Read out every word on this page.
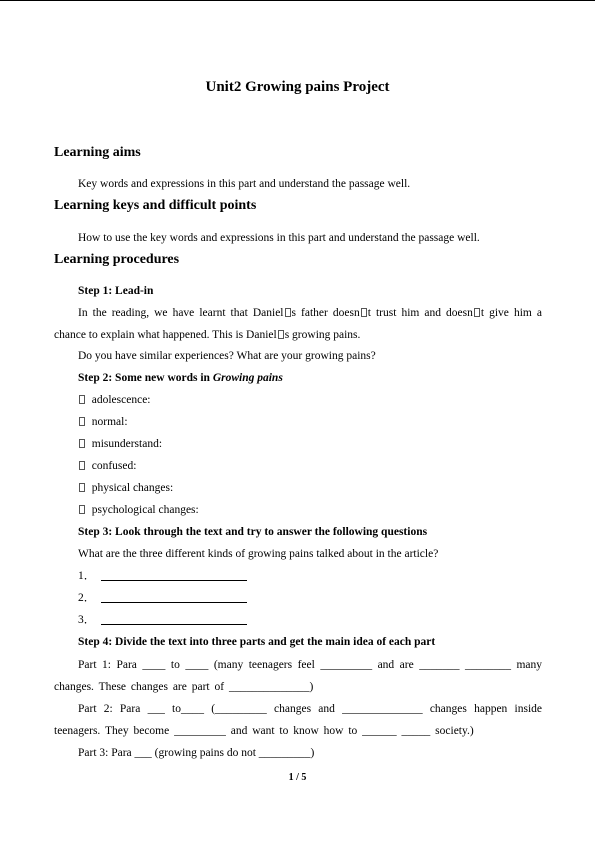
Unit2 Growing pains Project
Learning aims
Key words and expressions in this part and understand the passage well.
Learning keys and difficult points
How to use the key words and expressions in this part and understand the passage well.
Learning procedures
Step 1: Lead-in
In the reading, we have learnt that Daniel s father doesn t trust him and doesn t give him a chance to explain what happened. This is Daniel s growing pains.
Do you have similar experiences? What are your growing pains?
Step 2: Some new words in Growing pains
adolescence:
normal:
misunderstand:
confused:
physical changes:
psychological changes:
Step 3: Look through the text and try to answer the following questions
What are the three different kinds of growing pains talked about in the article?
1．
2．
3．
Step 4: Divide the text into three parts and get the main idea of each part
Part 1: Para ____ to ____ (many teenagers feel _________ and are _______ ________ many changes. These changes are part of ______________)
Part 2: Para ___ to____ (_________ changes and ______________ changes happen inside teenagers. They become _________ and want to know how to ______ _____ society.)
Part 3: Para ___ (growing pains do not _________)
1 / 5
